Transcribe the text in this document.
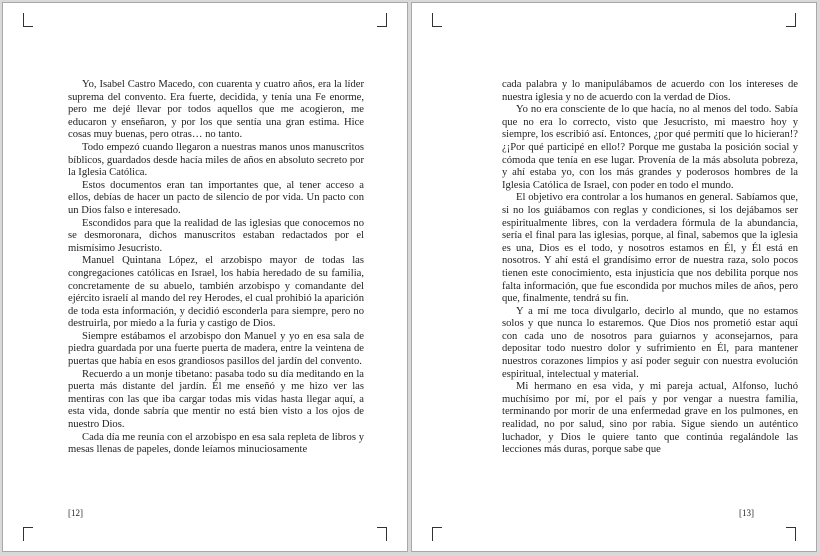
Yo, Isabel Castro Macedo, con cuarenta y cuatro años, era la líder suprema del convento. Era fuerte, decidida, y tenía una Fe enorme, pero me dejé llevar por todos aquellos que me acogieron, me educaron y enseñaron, y por los que sentía una gran estima. Hice cosas muy buenas, pero otras… no tanto.

Todo empezó cuando llegaron a nuestras manos unos manuscritos bíblicos, guardados desde hacía miles de años en absoluto secreto por la Iglesia Católica.

Estos documentos eran tan importantes que, al tener acceso a ellos, debías de hacer un pacto de silencio de por vida. Un pacto con un Dios falso e interesado.

Escondidos para que la realidad de las iglesias que conocemos no se desmoronara, dichos manuscritos estaban redactados por el mismísimo Jesucristo.

Manuel Quintana López, el arzobispo mayor de todas las congregaciones católicas en Israel, los había heredado de su familia, concretamente de su abuelo, también arzobispo y comandante del ejército israelí al mando del rey Herodes, el cual prohibió la aparición de toda esta información, y decidió esconderla para siempre, pero no destruirla, por miedo a la furia y castigo de Dios.

Siempre estábamos el arzobispo don Manuel y yo en esa sala de piedra guardada por una fuerte puerta de madera, entre la veintena de puertas que había en esos grandiosos pasillos del jardín del convento.

Recuerdo a un monje tibetano: pasaba todo su día meditando en la puerta más distante del jardín. Él me enseñó y me hizo ver las mentiras con las que iba cargar todas mis vidas hasta llegar aquí, a esta vida, donde sabría que mentir no está bien visto a los ojos de nuestro Dios.

Cada día me reunía con el arzobispo en esa sala repleta de libros y mesas llenas de papeles, donde leíamos minuciosamente

[12]

cada palabra y lo manipulábamos de acuerdo con los intereses de nuestra iglesia y no de acuerdo con la verdad de Dios.

Yo no era consciente de lo que hacía, no al menos del todo. Sabía que no era lo correcto, visto que Jesucristo, mi maestro hoy y siempre, los escribió así. Entonces, ¿por qué permití que lo hicieran!? ¿¡Por qué participé en ello!? Porque me gustaba la posición social y cómoda que tenía en ese lugar. Provenía de la más absoluta pobreza, y ahí estaba yo, con los más grandes y poderosos hombres de la Iglesia Católica de Israel, con poder en todo el mundo.

El objetivo era controlar a los humanos en general. Sabíamos que, si no los guiábamos con reglas y condiciones, si los dejábamos ser espiritualmente libres, con la verdadera fórmula de la abundancia, sería el final para las iglesias, porque, al final, sabemos que la iglesia es una, Dios es el todo, y nosotros estamos en Él, y Él está en nosotros. Y ahí está el grandísimo error de nuestra raza, solo pocos tienen este conocimiento, esta injusticia que nos debilita porque nos falta información, que fue escondida por muchos miles de años, pero que, finalmente, tendrá su fin.

Y a mí me toca divulgarlo, decirlo al mundo, que no estamos solos y que nunca lo estaremos. Que Dios nos prometió estar aquí con cada uno de nosotros para guiarnos y aconsejarnos, para depositar todo nuestro dolor y sufrimiento en Él, para mantener nuestros corazones limpios y así poder seguir con nuestra evolución espiritual, intelectual y material.

Mi hermano en esa vida, y mi pareja actual, Alfonso, luchó muchísimo por mí, por el país y por vengar a nuestra familia, terminando por morir de una enfermedad grave en los pulmones, en realidad, no por salud, sino por rabia. Sigue siendo un auténtico luchador, y Dios le quiere tanto que continúa regalándole las lecciones más duras, porque sabe que

[13]
